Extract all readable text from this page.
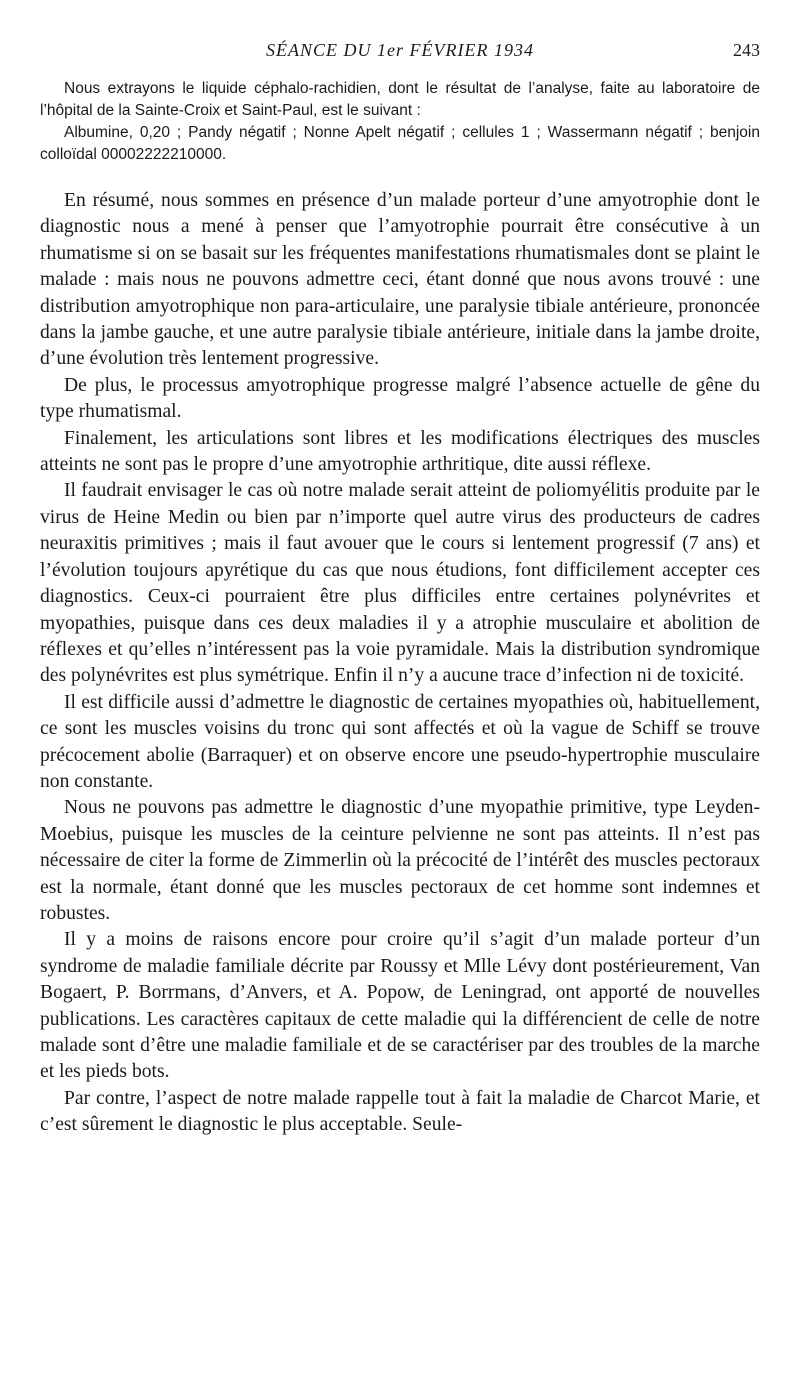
SÉANCE DU 1er FÉVRIER 1934	243

Nous extrayons le liquide céphalo-rachidien, dont le résultat de l’analyse, faite au laboratoire de l’hôpital de la Sainte-Croix et Saint-Paul, est le suivant :

Albumine, 0,20 ; Pandy négatif ; Nonne Apelt négatif ; cellules 1 ; Wassermann négatif ; benjoin colloïdal 00002222210000.

En résumé, nous sommes en présence d’un malade porteur d’une amyotrophie dont le diagnostic nous a mené à penser que l’amyotrophie pourrait être consécutive à un rhumatisme si on se basait sur les fréquentes manifestations rhumatismales dont se plaint le malade : mais nous ne pouvons admettre ceci, étant donné que nous avons trouvé : une distribution amyotrophique non para-articulaire, une paralysie tibiale antérieure, prononcée dans la jambe gauche, et une autre paralysie tibiale antérieure, initiale dans la jambe droite, d’une évolution très lentement progressive.

De plus, le processus amyotrophique progresse malgré l’absence actuelle de gêne du type rhumatismal.

Finalement, les articulations sont libres et les modifications électriques des muscles atteints ne sont pas le propre d’une amyotrophie arthritique, dite aussi réflexe.

Il faudrait envisager le cas où notre malade serait atteint de poliomyélitis produite par le virus de Heine Medin ou bien par n’importe quel autre virus des producteurs de cadres neuraxitis primitives ; mais il faut avouer que le cours si lentement progressif (7 ans) et l’évolution toujours apyrétique du cas que nous étudions, font difficilement accepter ces diagnostics. Ceux-ci pourraient être plus difficiles entre certaines polynévrites et myopathies, puisque dans ces deux maladies il y a atrophie musculaire et abolition de réflexes et qu’elles n’intéressent pas la voie pyramidale. Mais la distribution syndromique des polynévrites est plus symétrique. Enfin il n’y a aucune trace d’infection ni de toxicité.

Il est difficile aussi d’admettre le diagnostic de certaines myopathies où, habituellement, ce sont les muscles voisins du tronc qui sont affectés et où la vague de Schiff se trouve précocement abolie (Barraquer) et on observe encore une pseudo-hypertrophie musculaire non constante.

Nous ne pouvons pas admettre le diagnostic d’une myopathie primitive, type Leyden-Moebius, puisque les muscles de la ceinture pelvienne ne sont pas atteints. Il n’est pas nécessaire de citer la forme de Zimmerlin où la précocité de l’intérêt des muscles pectoraux est la normale, étant donné que les muscles pectoraux de cet homme sont indemnes et robustes.

Il y a moins de raisons encore pour croire qu’il s’agit d’un malade porteur d’un syndrome de maladie familiale décrite par Roussy et Mlle Lévy dont postérieurement, Van Bogaert, P. Borrmans, d’Anvers, et A. Popow, de Leningrad, ont apporté de nouvelles publications. Les caractères capitaux de cette maladie qui la différencient de celle de notre malade sont d’être une maladie familiale et de se caractériser par des troubles de la marche et les pieds bots.

Par contre, l’aspect de notre malade rappelle tout à fait la maladie de Charcot Marie, et c’est sûrement le diagnostic le plus acceptable. Seule-
